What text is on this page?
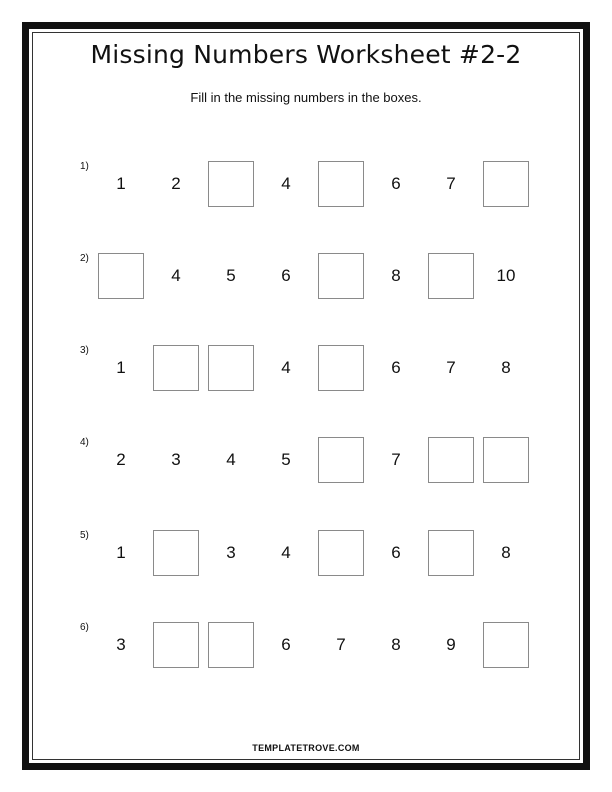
Missing Numbers Worksheet #2-2
Fill in the missing numbers in the boxes.
1)
1	2	4	6	7
2)
4	5	6	8	10
3)
1	4	6	7	8
4)
2	3	4	5	7
5)
1	3	4	6	8
6)
3	6	7	8	9
TEMPLATETROVE.COM
